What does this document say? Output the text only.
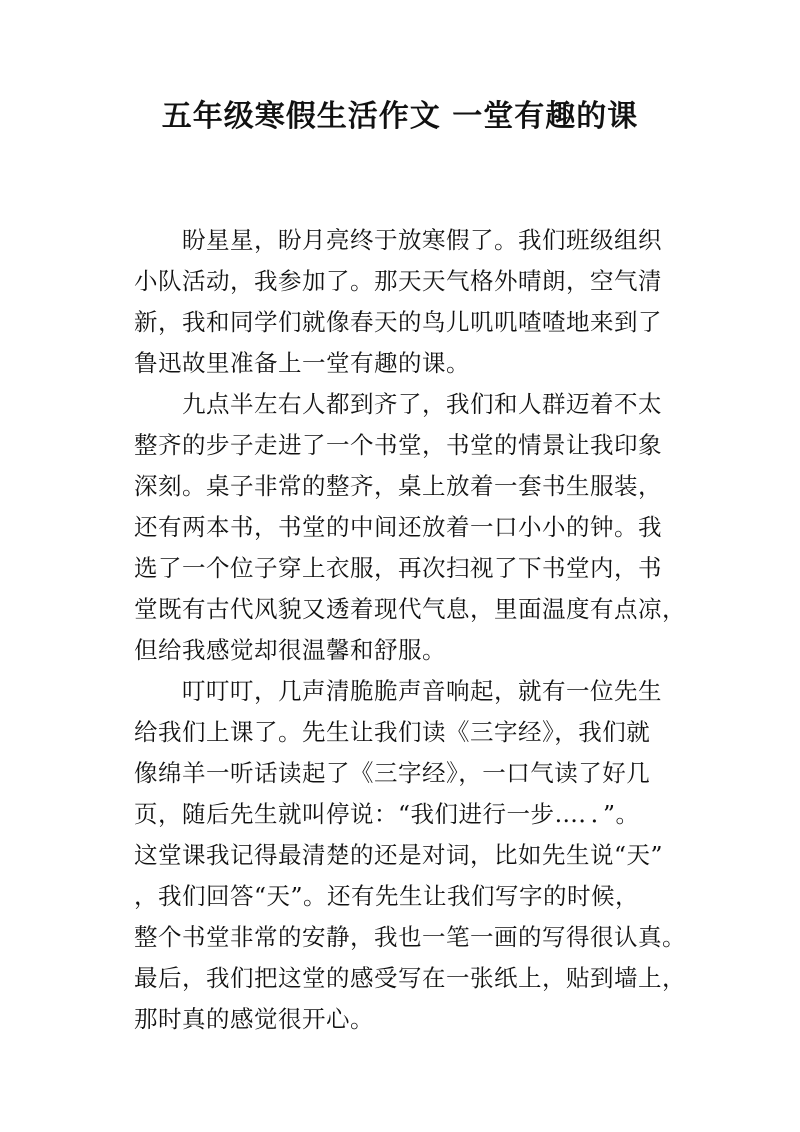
五年级寒假生活作文 一堂有趣的课
盼星星，盼月亮终于放寒假了。我们班级组织
小队活动，我参加了。那天天气格外晴朗，空气清
新，我和同学们就像春天的鸟儿叽叽喳喳地来到了
鲁迅故里准备上一堂有趣的课。
九点半左右人都到齐了，我们和人群迈着不太
整齐的步子走进了一个书堂，书堂的情景让我印象
深刻。桌子非常的整齐，桌上放着一套书生服装，
还有两本书，书堂的中间还放着一口小小的钟。我
选了一个位子穿上衣服，再次扫视了下书堂内，书
堂既有古代风貌又透着现代气息，里面温度有点凉，
但给我感觉却很温馨和舒服。
叮叮叮，几声清脆脆声音响起，就有一位先生
给我们上课了。先生让我们读《三字经》，我们就
像绵羊一听话读起了《三字经》，一口气读了好几
页，随后先生就叫停说：“我们进行一步…．．”。
这堂课我记得最清楚的还是对词，比如先生说“天”
，我们回答“天”。还有先生让我们写字的时候，
整个书堂非常的安静，我也一笔一画的写得很认真。
最后，我们把这堂的感受写在一张纸上，贴到墙上，
那时真的感觉很开心。
